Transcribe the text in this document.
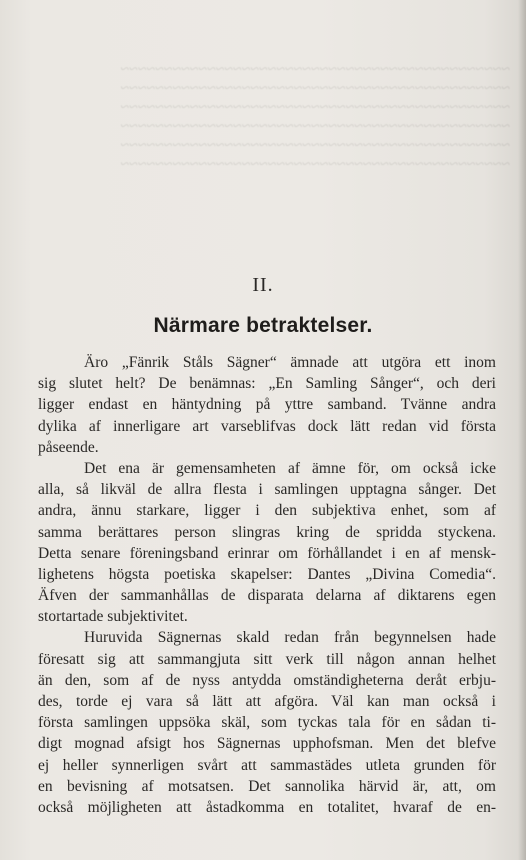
~~~~~~~~~~~~~~~~~~~~~~~~~~~~~~~~~~~~~~~~~~~~~
~~~~~~~~~~~~~~~~~~~~~~~~~~~~~~~~~~~~~~~~~~~~~
~~~~~~~~~~~~~~~~~~~~~~~~~~~~~~~~~~~~~~~~~~~~~
~~~~~~~~~~~~~~~~~~~~~~~~~~~~~~~~~~~~~~~~~~~~~
~~~~~~~~~~~~~~~~~~~~~~~~~~~~~~~~~~~~~~~~~~~~~
~~~~~~~~~~~~~~~~~~~~~~~~~~~~~~~~~~~~~~~~~~~~~
II.
Närmare betraktelser.
Äro „Fänrik Ståls Sägner“ ämnade att utgöra ett inom
sig slutet helt? De benämnas: „En Samling Sånger“, och deri
ligger endast en häntydning på yttre samband. Tvänne andra
dylika af innerligare art varseblifvas dock lätt redan vid första
påseende.
Det ena är gemensamheten af ämne för, om också icke
alla, så likväl de allra flesta i samlingen upptagna sånger. Det
andra, ännu starkare, ligger i den subjektiva enhet, som af
samma berättares person slingras kring de spridda styckena.
Detta senare föreningsband erinrar om förhållandet i en af mensk-
lighetens högsta poetiska skapelser: Dantes „Divina Comedia“.
Äfven der sammanhållas de disparata delarna af diktarens egen
stortartade subjektivitet.
Huruvida Sägnernas skald redan från begynnelsen hade
föresatt sig att sammangjuta sitt verk till någon annan helhet
än den, som af de nyss antydda omständigheterna deråt erbju-
des, torde ej vara så lätt att afgöra. Väl kan man också i
första samlingen uppsöka skäl, som tyckas tala för en sådan ti-
digt mognad afsigt hos Sägnernas upphofsman. Men det blefve
ej heller synnerligen svårt att sammastädes utleta grunden för
en bevisning af motsatsen. Det sannolika härvid är, att, om
också möjligheten att åstadkomma en totalitet, hvaraf de en-
